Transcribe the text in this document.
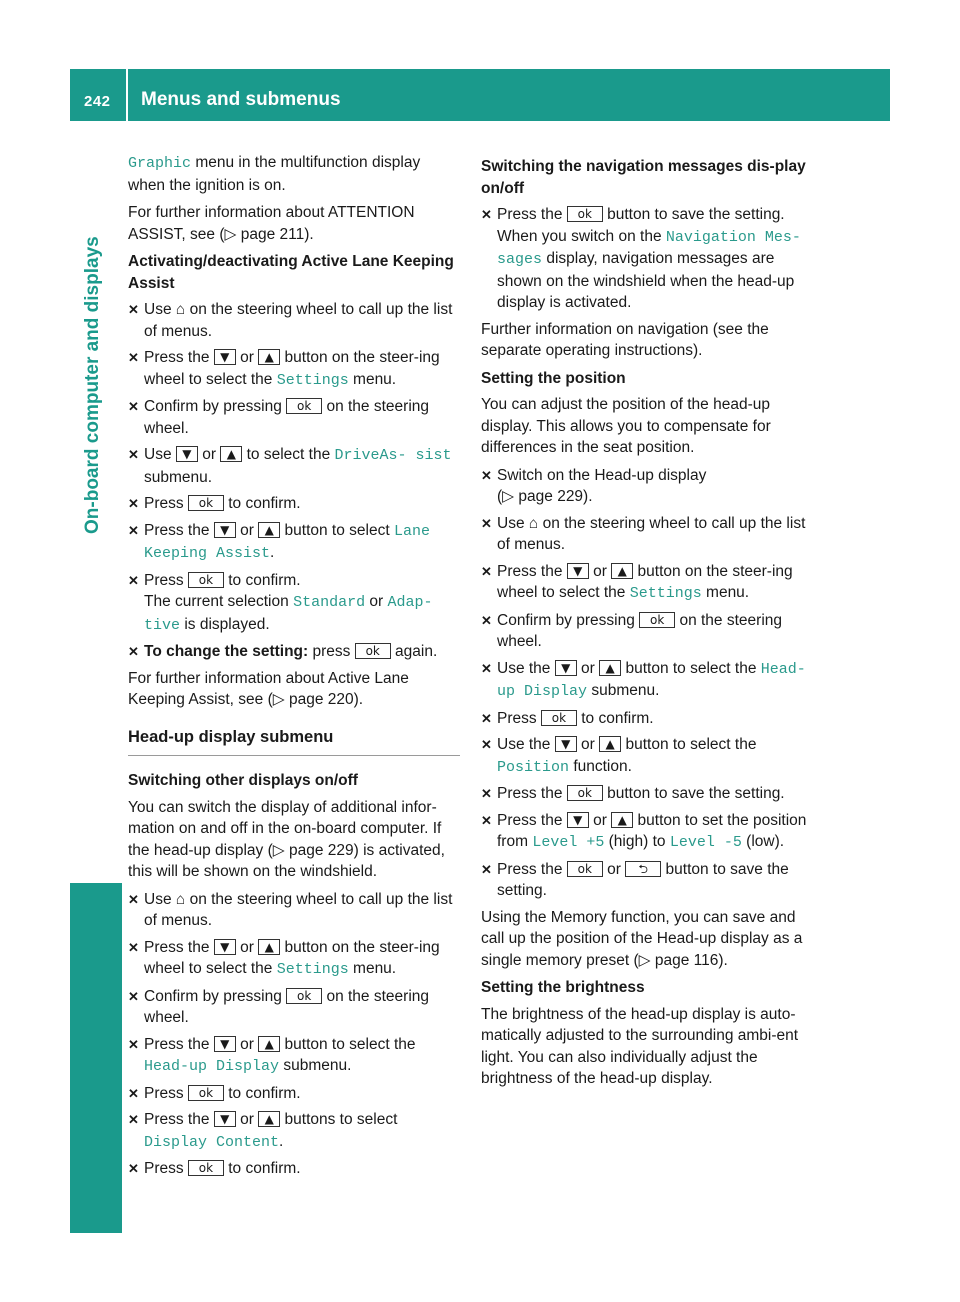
242 Menus and submenus
On-board computer and displays

Graphic menu in the multifunction display when the ignition is on.

For further information about ATTENTION ASSIST, see (▷ page 211).

Activating/deactivating Active Lane Keeping Assist
✕ Use ⌂ on the steering wheel to call up the list of menus.
✕ Press the ▼ or ▲ button on the steer-ing wheel to select the Settings menu.
✕ Confirm by pressing ok on the steering wheel.
✕ Use ▼ or ▲ to select the DriveAs‑ sist submenu.
✕ Press ok to confirm.
✕ Press the ▼ or ▲ button to select Lane Keeping Assist.
✕ Press ok to confirm.
The current selection Standard or Adap‑ tive is displayed.
✕ To change the setting: press ok again.

For further information about Active Lane Keeping Assist, see (▷ page 220).

Head-up display submenu
Switching other displays on/off

You can switch the display of additional infor-mation on and off in the on-board computer. If the head-up display (▷ page 229) is activated, this will be shown on the windshield.

✕ Use ⌂ on the steering wheel to call up the list of menus.
✕ Press the ▼ or ▲ button on the steer-ing wheel to select the Settings menu.
✕ Confirm by pressing ok on the steering wheel.
✕ Press the ▼ or ▲ button to select the Head-up Display submenu.
✕ Press ok to confirm.
✕ Press the ▼ or ▲ buttons to select Display Content.
✕ Press ok to confirm.
Switching the navigation messages dis-play on/off
✕ Press the ok button to save the setting.
When you switch on the Navigation Mes‑ sages display, navigation messages are shown on the windshield when the head-up display is activated.

Further information on navigation (see the separate operating instructions).

Setting the position

You can adjust the position of the head-up display. This allows you to compensate for differences in the seat position.

✕ Switch on the Head-up display
(▷ page 229).
✕ Use ⌂ on the steering wheel to call up the list of menus.
✕ Press the ▼ or ▲ button on the steer-ing wheel to select the Settings menu.
✕ Confirm by pressing ok on the steering wheel.
✕ Use the ▼ or ▲ button to select the Head-up Display submenu.
✕ Press ok to confirm.
✕ Use the ▼ or ▲ button to select the Position function.
✕ Press the ok button to save the setting.
✕ Press the ▼ or ▲ button to set the position from Level +5 (high) to Level -5 (low).
✕ Press the ok or ⮌ button to save the setting.

Using the Memory function, you can save and call up the position of the Head-up display as a single memory preset (▷ page 116).

Setting the brightness

The brightness of the head-up display is auto-matically adjusted to the surrounding ambi-ent light. You can also individually adjust the brightness of the head-up display.
